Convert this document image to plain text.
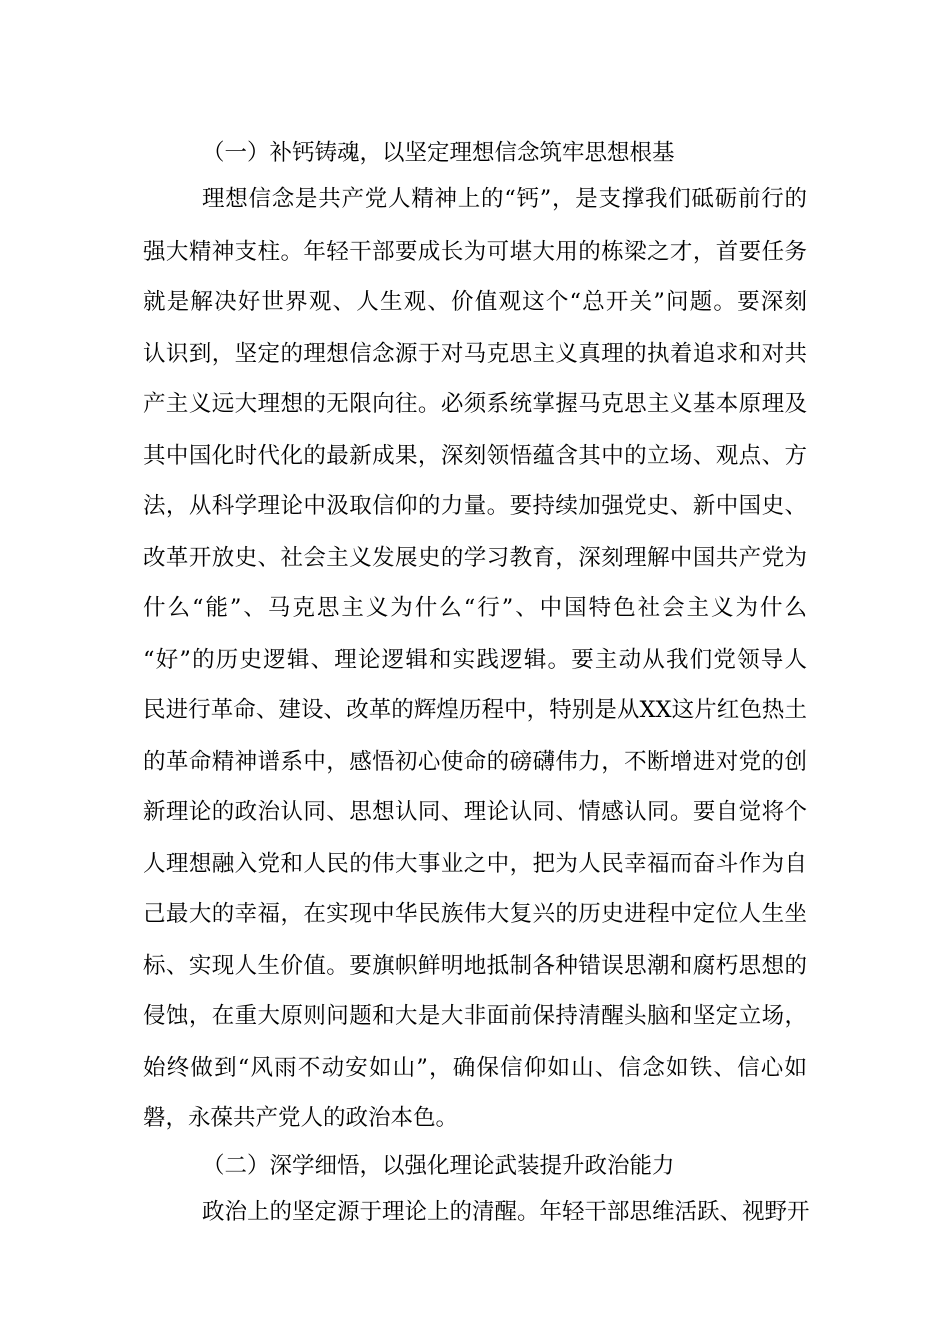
（一）补钙铸魂，以坚定理想信念筑牢思想根基
理想信念是共产党人精神上的“钙”，是支撑我们砥砺前行的
强大精神支柱。年轻干部要成长为可堪大用的栋梁之才，首要任务
就是解决好世界观、人生观、价值观这个“总开关”问题。要深刻
认识到，坚定的理想信念源于对马克思主义真理的执着追求和对共
产主义远大理想的无限向往。必须系统掌握马克思主义基本原理及
其中国化时代化的最新成果，深刻领悟蕴含其中的立场、观点、方
法，从科学理论中汲取信仰的力量。要持续加强党史、新中国史、
改革开放史、社会主义发展史的学习教育，深刻理解中国共产党为
什么“能”、马克思主义为什么“行”、中国特色社会主义为什么
“好”的历史逻辑、理论逻辑和实践逻辑。要主动从我们党领导人
民进行革命、建设、改革的辉煌历程中，特别是从XX这片红色热土
的革命精神谱系中，感悟初心使命的磅礴伟力，不断增进对党的创
新理论的政治认同、思想认同、理论认同、情感认同。要自觉将个
人理想融入党和人民的伟大事业之中，把为人民幸福而奋斗作为自
己最大的幸福，在实现中华民族伟大复兴的历史进程中定位人生坐
标、实现人生价值。要旗帜鲜明地抵制各种错误思潮和腐朽思想的
侵蚀，在重大原则问题和大是大非面前保持清醒头脑和坚定立场，
始终做到“风雨不动安如山”，确保信仰如山、信念如铁、信心如
磐，永葆共产党人的政治本色。
（二）深学细悟，以强化理论武装提升政治能力
政治上的坚定源于理论上的清醒。年轻干部思维活跃、视野开
